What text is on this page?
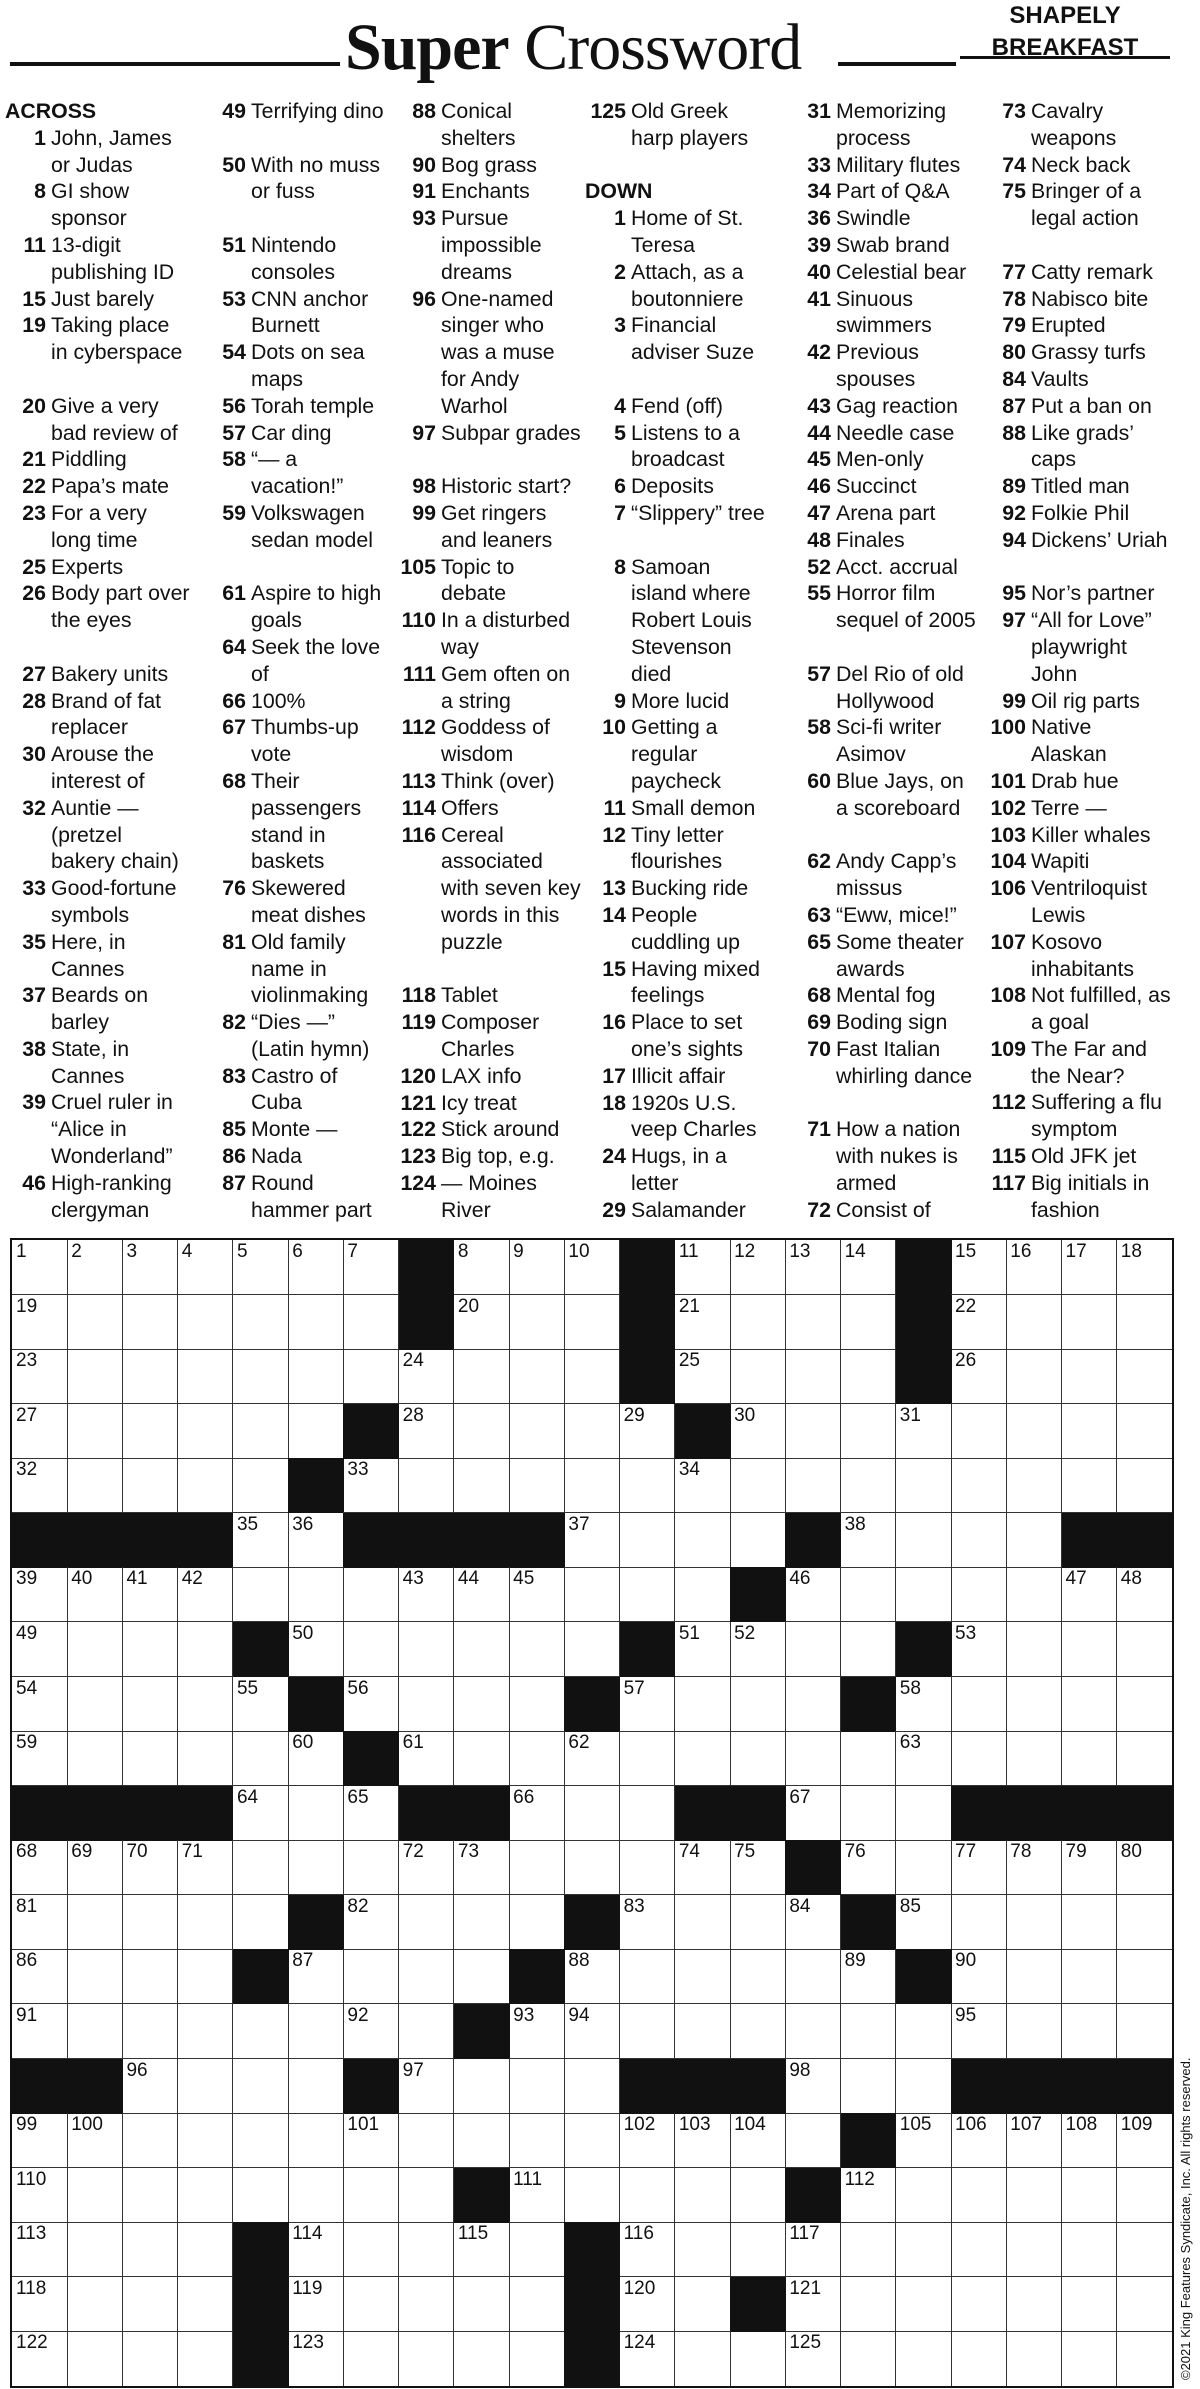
Super Crossword	SHAPELY
BREAKFAST
ACROSS
1 John, James or Judas
8 GI show sponsor
11 13-digit publishing ID
15 Just barely
19 Taking place in cyberspace
20 Give a very bad review of
21 Piddling
22 Papa’s mate
23 For a very long time
25 Experts
26 Body part over the eyes
27 Bakery units
28 Brand of fat replacer
30 Arouse the interest of
32 Auntie — (pretzel bakery chain)
33 Good-fortune symbols
35 Here, in Cannes
37 Beards on barley
38 State, in Cannes
39 Cruel ruler in “Alice in Wonderland”
46 High-ranking clergyman
49 Terrifying dino
50 With no muss or fuss
51 Nintendo consoles
53 CNN anchor Burnett
54 Dots on sea maps
56 Torah temple
57 Car ding
58 “— a vacation!”
59 Volkswagen sedan model
61 Aspire to high goals
64 Seek the love of
66 100%
67 Thumbs-up vote
68 Their passengers stand in baskets
76 Skewered meat dishes
81 Old family name in violinmaking
82 “Dies —” (Latin hymn)
83 Castro of Cuba
85 Monte —
86 Nada
87 Round hammer part
88 Conical shelters
90 Bog grass
91 Enchants
93 Pursue impossible dreams
96 One-named singer who was a muse for Andy Warhol
97 Subpar grades
98 Historic start?
99 Get ringers and leaners
105 Topic to debate
110 In a disturbed way
111 Gem often on a string
112 Goddess of wisdom
113 Think (over)
114 Offers
116 Cereal associated with seven key words in this puzzle
118 Tablet
119 Composer Charles
120 LAX info
121 Icy treat
122 Stick around
123 Big top, e.g.
124 — Moines River
125 Old Greek harp players
DOWN
1 Home of St. Teresa
2 Attach, as a boutonniere
3 Financial adviser Suze
4 Fend (off)
5 Listens to a broadcast
6 Deposits
7 “Slippery” tree
8 Samoan island where Robert Louis Stevenson died
9 More lucid
10 Getting a regular paycheck
11 Small demon
12 Tiny letter flourishes
13 Bucking ride
14 People cuddling up
15 Having mixed feelings
16 Place to set one’s sights
17 Illicit affair
18 1920s U.S. veep Charles
24 Hugs, in a letter
29 Salamander
31 Memorizing process
33 Military flutes
34 Part of Q&A
36 Swindle
39 Swab brand
40 Celestial bear
41 Sinuous swimmers
42 Previous spouses
43 Gag reaction
44 Needle case
45 Men-only
46 Succinct
47 Arena part
48 Finales
52 Acct. accrual
55 Horror film sequel of 2005
57 Del Rio of old Hollywood
58 Sci-fi writer Asimov
60 Blue Jays, on a scoreboard
62 Andy Capp’s missus
63 “Eww, mice!”
65 Some theater awards
68 Mental fog
69 Boding sign
70 Fast Italian whirling dance
71 How a nation with nukes is armed
72 Consist of
73 Cavalry weapons
74 Neck back
75 Bringer of a legal action
77 Catty remark
78 Nabisco bite
79 Erupted
80 Grassy turfs
84 Vaults
87 Put a ban on
88 Like grads’ caps
89 Titled man
92 Folkie Phil
94 Dickens’ Uriah
95 Nor’s partner
97 “All for Love” playwright John
99 Oil rig parts
100 Native Alaskan
101 Drab hue
102 Terre —
103 Killer whales
104 Wapiti
106 Ventriloquist Lewis
107 Kosovo inhabitants
108 Not fulfilled, as a goal
109 The Far and the Near?
112 Suffering a flu symptom
115 Old JFK jet
117 Big initials in fashion
1 2 3 4 5 6 7	8 9 10	11 12 13 14	15 16 17 18
19	20	21	22
23	24	25	26
27	28	29	30	31
32	33	34
35 36	37	38
39 40 41 42	43 44 45	46	47 48
49	50	51 52	53
54	55	56	57	58
59	60	61	62	63
64	65	66	67
68 69 70 71	72 73	74 75	76	77 78 79 80
81	82	83	84	85
86	87	88	89	90
91	92	93 94	95
96	97	98
99 100	101	102 103 104	105 106 107 108 109
110	111	112
113	114	115	116	117
118	119	120	121
122	123	124	125	©2021 King Features Syndicate, Inc. All rights reserved.
